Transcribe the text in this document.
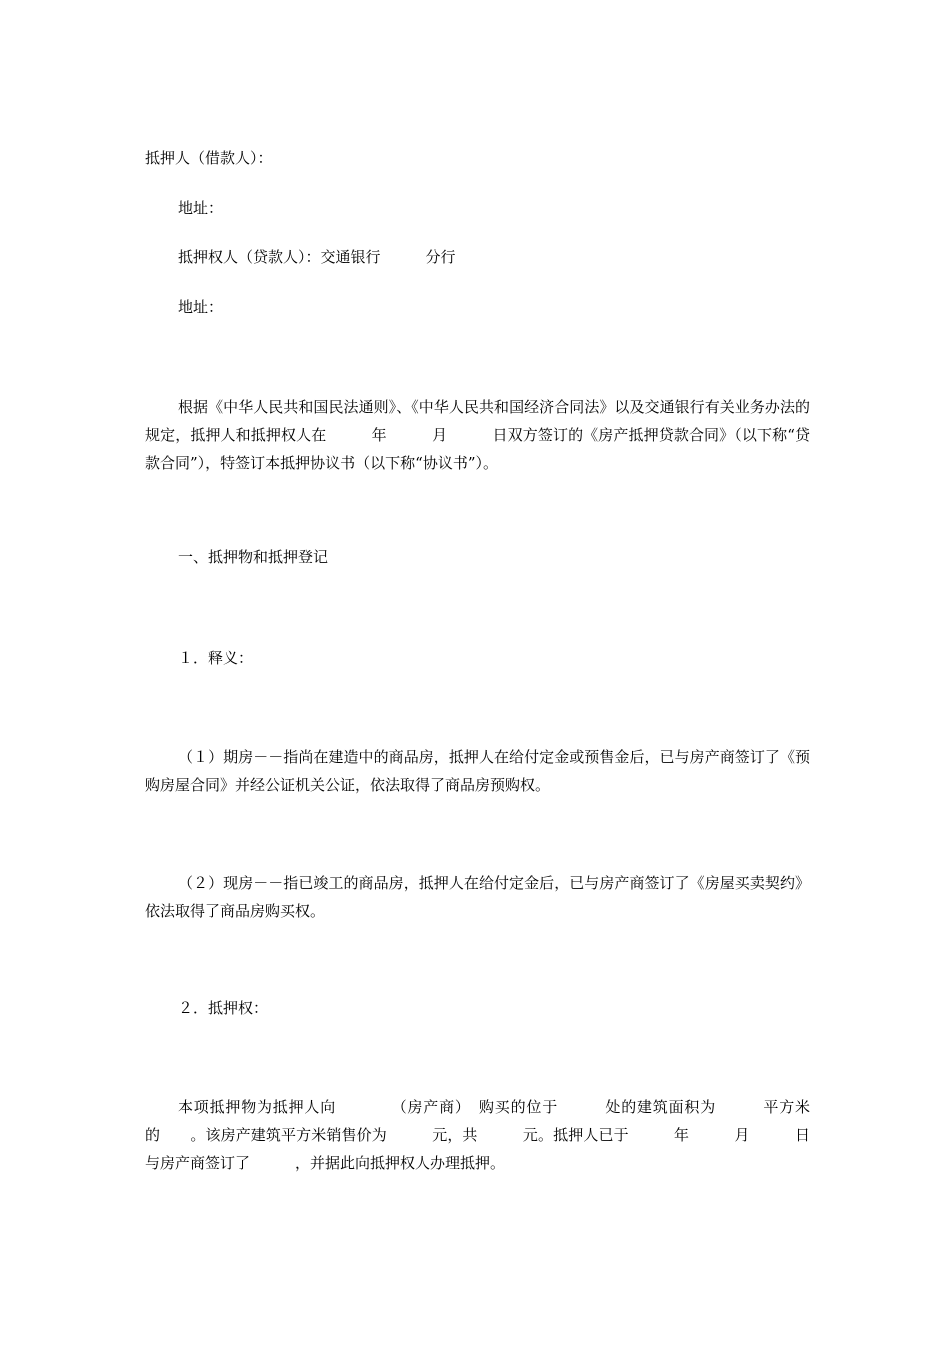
抵押人（借款人）：
地址：
抵押权人（贷款人）：交通银行　　　分行
地址：
根据《中华人民共和国民法通则》、《中华人民共和国经济合同法》以及交通银行有关业务办法的规定，抵押人和抵押权人在　　　年　　　月　　　日双方签订的《房产抵押贷款合同》（以下称“贷款合同”），特签订本抵押协议书（以下称“协议书”）。
一、抵押物和抵押登记
１．释义：
（１）期房－－指尚在建造中的商品房，抵押人在给付定金或预售金后，已与房产商签订了《预购房屋合同》并经公证机关公证，依法取得了商品房预购权。
（２）现房－－指已竣工的商品房，抵押人在给付定金后，已与房产商签订了《房屋买卖契约》依法取得了商品房购买权。
２．抵押权：
本项抵押物为抵押人向　　　　（房产商）　购买的位于　　　处的建筑面积为　　　平方米的　　。该房产建筑平方米销售价为　　　元，共　　　元。抵押人已于　　　年　　　月　　　日与房产商签订了　　　，并据此向抵押权人办理抵押。
